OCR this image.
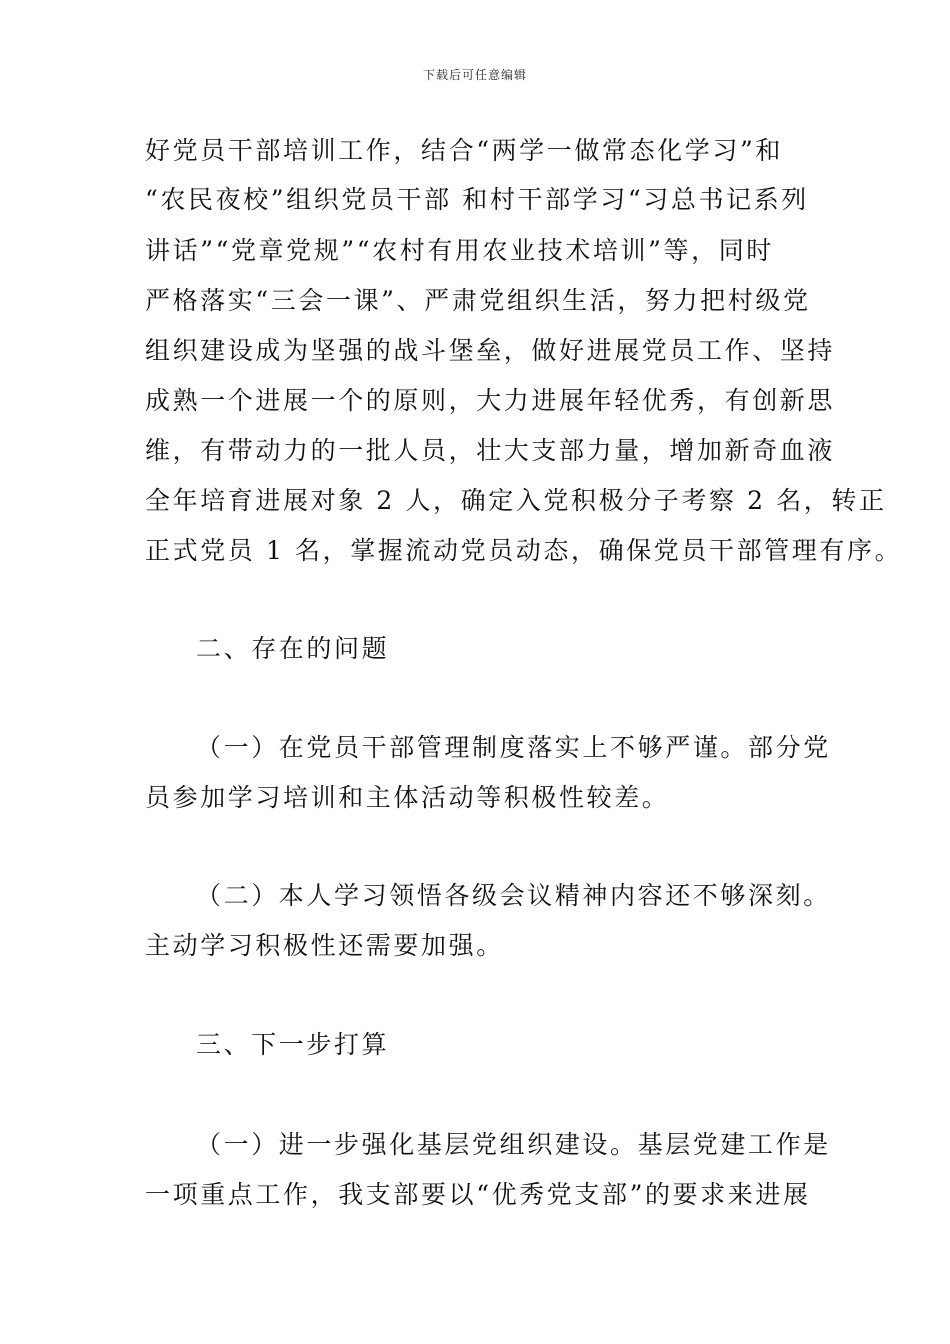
下载后可任意编辑
好党员干部培训工作，结合“两学一做常态化学习”和
“农民夜校”组织党员干部 和村干部学习“习总书记系列
讲话”“党章党规”“农村有用农业技术培训”等，同时
严格落实“三会一课”、严肃党组织生活，努力把村级党
组织建设成为坚强的战斗堡垒，做好进展党员工作、坚持
成熟一个进展一个的原则，大力进展年轻优秀，有创新思
维，有带动力的一批人员，壮大支部力量，增加新奇血液
全年培育进展对象 2 人，确定入党积极分子考察 2 名，转正
正式党员 1 名，掌握流动党员动态，确保党员干部管理有序。
二、存在的问题
（一）在党员干部管理制度落实上不够严谨。部分党
员参加学习培训和主体活动等积极性较差。
（二）本人学习领悟各级会议精神内容还不够深刻。
主动学习积极性还需要加强。
三、下一步打算
（一）进一步强化基层党组织建设。基层党建工作是
一项重点工作，我支部要以“优秀党支部”的要求来进展
